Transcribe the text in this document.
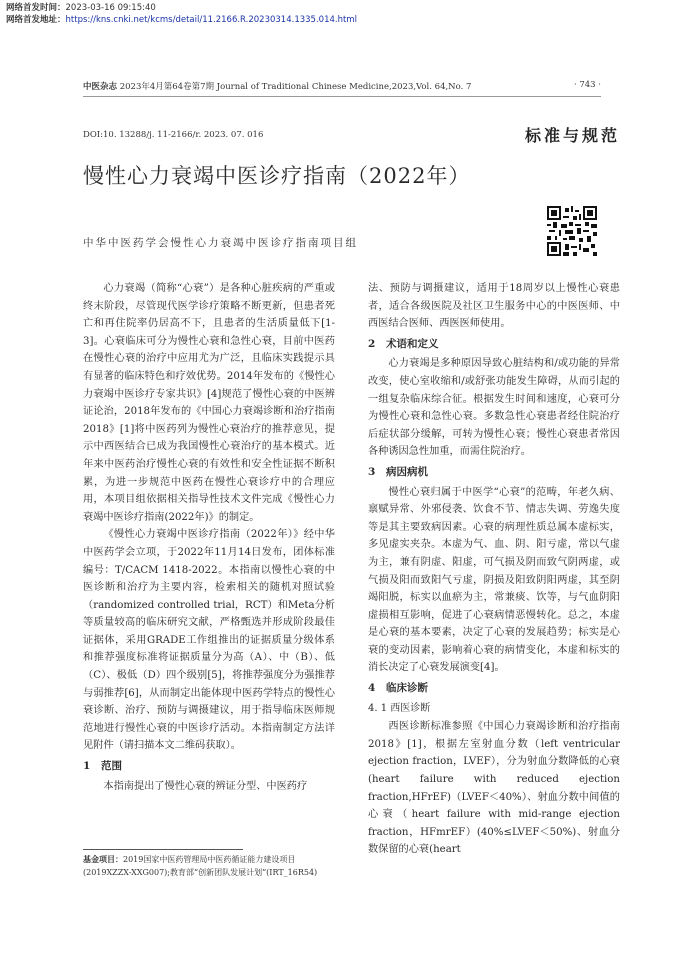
网络首发时间：2023-03-16 09:15:40
网络首发地址：https://kns.cnki.net/kcms/detail/11.2166.R.20230314.1335.014.html
中医杂志 2023年4月第64卷第7期 Journal of Traditional Chinese Medicine,2023,Vol. 64,No. 7	· 743 ·
DOI:10. 13288/j. 11-2166/r. 2023. 07. 016	标准与规范
慢性心力衰竭中医诊疗指南（2022年）
中华中医药学会慢性心力衰竭中医诊疗指南项目组

心力衰竭（简称“心衰”）是各种心脏疾病的严重或终末阶段，尽管现代医学诊疗策略不断更新，但患者死亡和再住院率仍居高不下，且患者的生活质量低下[1-3]。心衰临床可分为慢性心衰和急性心衰，目前中医药在慢性心衰的治疗中应用尤为广泛，且临床实践提示具有显著的临床特色和疗效优势。2014年发布的《慢性心力衰竭中医诊疗专家共识》[4]规范了慢性心衰的中医辨证论治，2018年发布的《中国心力衰竭诊断和治疗指南2018》[1]将中医药列为慢性心衰治疗的推荐意见，提示中西医结合已成为我国慢性心衰治疗的基本模式。近年来中医药治疗慢性心衰的有效性和安全性证据不断积累，为进一步规范中医药在慢性心衰诊疗中的合理应用，本项目组依据相关指导性技术文件完成《慢性心力衰竭中医诊疗指南(2022年)》的制定。

《慢性心力衰竭中医诊疗指南（2022年）》经中华中医药学会立项，于2022年11月14日发布，团体标准编号：T/CACM 1418-2022。本指南以慢性心衰的中医诊断和治疗为主要内容，检索相关的随机对照试验（randomized controlled trial，RCT）和Meta分析等质量较高的临床研究文献，严格甄选并形成阶段最佳证据体，采用GRADE工作组推出的证据质量分级体系和推荐强度标准将证据质量分为高（A）、中（B）、低（C）、极低（D）四个级别[5]，将推荐强度分为强推荐与弱推荐[6]，从而制定出能体现中医药学特点的慢性心衰诊断、治疗、预防与调摄建议，用于指导临床医师规范地进行慢性心衰的中医诊疗活动。本指南制定方法详见附件（请扫描本文二维码获取）。

1 范围

本指南提出了慢性心衰的辨证分型、中医药疗

法、预防与调摄建议，适用于18周岁以上慢性心衰患者，适合各级医院及社区卫生服务中心的中医医师、中西医结合医师、西医医师使用。

2 术语和定义

心力衰竭是多种原因导致心脏结构和/或功能的异常改变，使心室收缩和/或舒张功能发生障碍，从而引起的一组复杂临床综合征。根据发生时间和速度，心衰可分为慢性心衰和急性心衰。多数急性心衰患者经住院治疗后症状部分缓解，可转为慢性心衰；慢性心衰患者常因各种诱因急性加重，而需住院治疗。

3 病因病机

慢性心衰归属于中医学“心衰”的范畴，年老久病、禀赋异常、外邪侵袭、饮食不节、情志失调、劳逸失度等是其主要致病因素。心衰的病理性质总属本虚标实，多见虚实夹杂。本虚为气、血、阴、阳亏虚，常以气虚为主，兼有阴虚、阳虚，可气损及阴而致气阴两虚，或气损及阳而致阳气亏虚，阴损及阳致阴阳两虚，其至阴竭阳脱，标实以血瘀为主，常兼痰、饮等，与气血阴阳虚损相互影响，促进了心衰病情恶慢转化。总之，本虚是心衰的基本要素，决定了心衰的发展趋势；标实是心衰的变动因素，影响着心衰的病情变化，本虚和标实的消长决定了心衰发展演变[4]。

4 临床诊断
4. 1 西医诊断

西医诊断标准参照《中国心力衰竭诊断和治疗指南2018》[1]，根据左室射血分数（left ventricular ejection fraction，LVEF），分为射血分数降低的心衰(heart failure with reduced ejection fraction,HFrEF)（LVEF＜40%）、射血分数中间值的心衰（heart failure with mid-range ejection fraction，HFmrEF）(40%≤LVEF＜50%)、射血分数保留的心衰(heart

基金项目：2019国家中医药管理局中医药循证能力建设项目(2019XZZX-XXG007);教育部“创新团队发展计划”(IRT_16R54)
